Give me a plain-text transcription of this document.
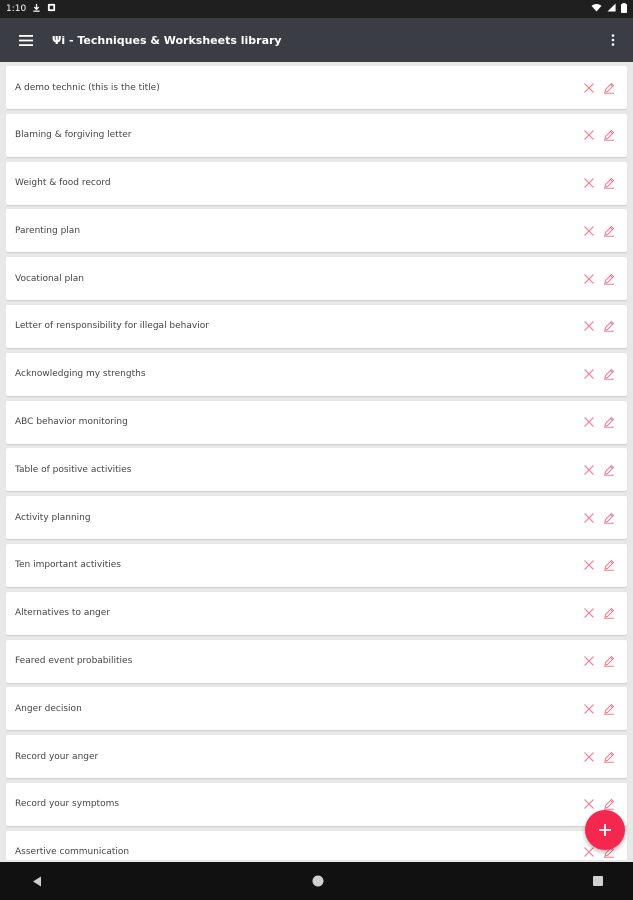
1:10
Ψi - Techniques & Worksheets library
A demo technic (this is the title)
Blaming & forgiving letter
Weight & food record
Parenting plan
Vocational plan
Letter of rensponsibility for illegal behavior
Acknowledging my strengths
ABC behavior monitoring
Table of positive activities
Activity planning
Ten important activities
Alternatives to anger
Feared event probabilities
Anger decision
Record your anger
Record your symptoms
Assertive communication
